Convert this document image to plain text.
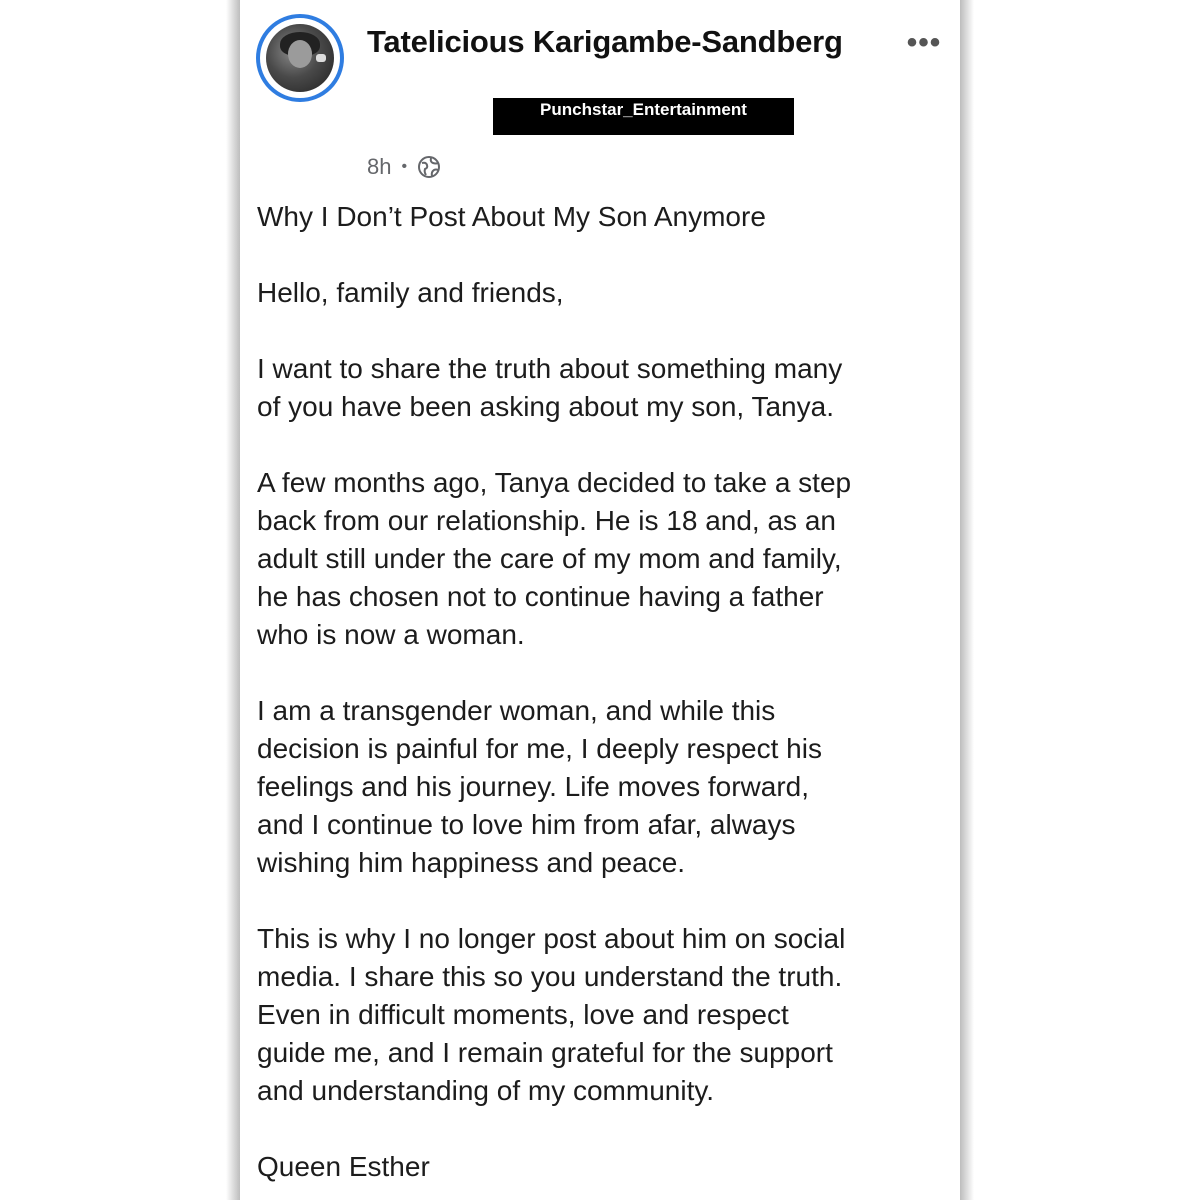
Tatelicious Karigambe-Sandberg •••
Punchstar_Entertainment
8h •

Why I Don’t Post About My Son Anymore

Hello, family and friends,

I want to share the truth about something many
of you have been asking about my son, Tanya.

A few months ago, Tanya decided to take a step
back from our relationship. He is 18 and, as an
adult still under the care of my mom and family,
he has chosen not to continue having a father
who is now a woman.

I am a transgender woman, and while this
decision is painful for me, I deeply respect his
feelings and his journey. Life moves forward,
and I continue to love him from afar, always
wishing him happiness and peace.

This is why I no longer post about him on social
media. I share this so you understand the truth.
Even in difficult moments, love and respect
guide me, and I remain grateful for the support
and understanding of my community.

Queen Esther
